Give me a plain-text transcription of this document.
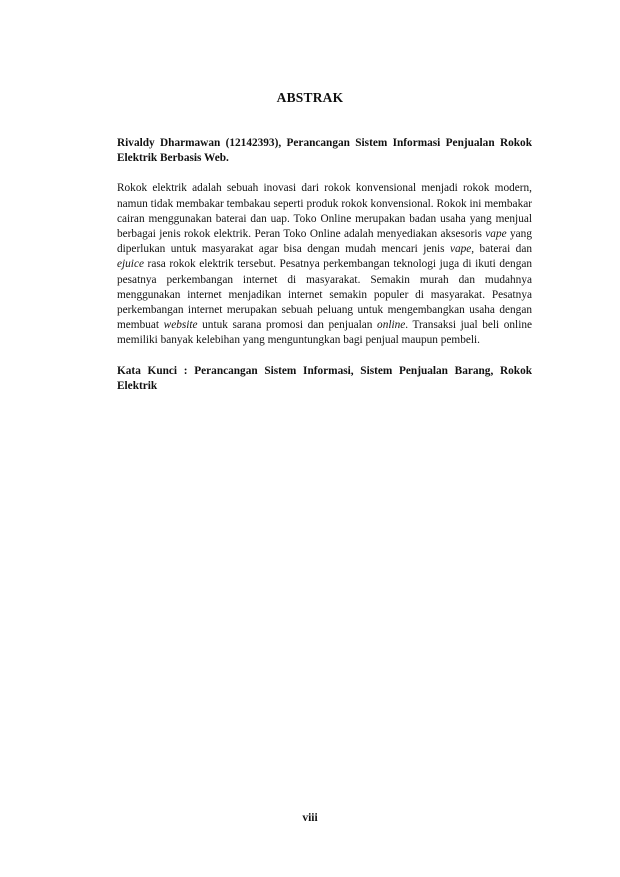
ABSTRAK

Rivaldy Dharmawan (12142393), Perancangan Sistem Informasi Penjualan Rokok Elektrik Berbasis Web.

Rokok elektrik adalah sebuah inovasi dari rokok konvensional menjadi rokok modern, namun tidak membakar tembakau seperti produk rokok konvensional. Rokok ini membakar cairan menggunakan baterai dan uap. Toko Online merupakan badan usaha yang menjual berbagai jenis rokok elektrik. Peran Toko Online adalah menyediakan aksesoris vape yang diperlukan untuk masyarakat agar bisa dengan mudah mencari jenis vape, baterai dan ejuice rasa rokok elektrik tersebut. Pesatnya perkembangan teknologi juga di ikuti dengan pesatnya perkembangan internet di masyarakat. Semakin murah dan mudahnya menggunakan internet menjadikan internet semakin populer di masyarakat. Pesatnya perkembangan internet merupakan sebuah peluang untuk mengembangkan usaha dengan membuat website untuk sarana promosi dan penjualan online. Transaksi jual beli online memiliki banyak kelebihan yang menguntungkan bagi penjual maupun pembeli.

Kata Kunci : Perancangan Sistem Informasi, Sistem Penjualan Barang, Rokok Elektrik

viii
